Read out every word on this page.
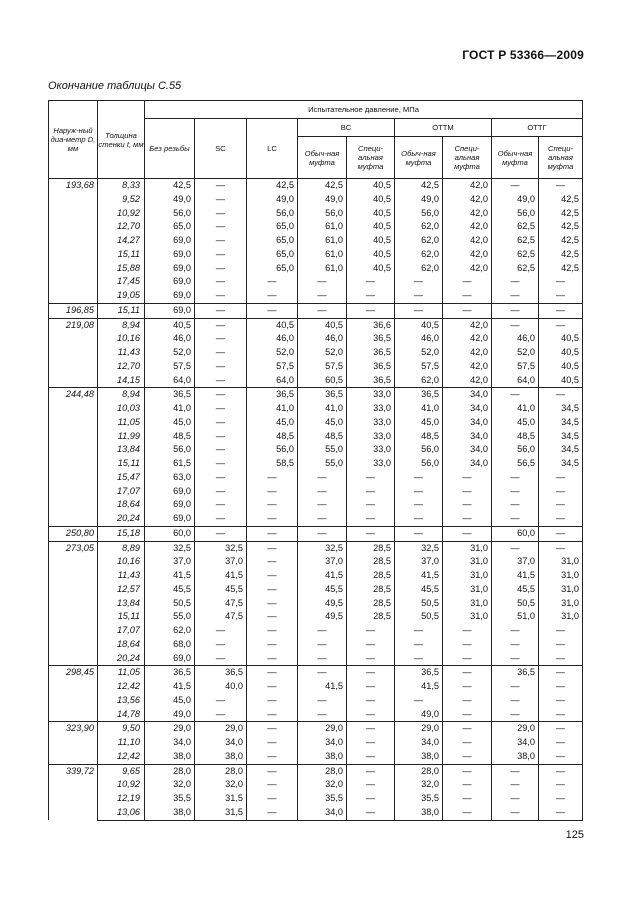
ГОСТ Р 53366—2009
Окончание таблицы С.55
Наруж-ный диа-метр D, мм	Толщина стенки t, мм	Испытательное давление, МПа								
		Без резьбы	SC	LC	BC		ОТТМ		ОТТГ	
					Обыч-ная муфта	Специ-альная муфта	Обыч-ная муфта	Специ-альная муфта	Обыч-ная муфта	Специ-альная муфта
193,68	8,33	42,5	—	42,5	42,5	40,5	42,5	42,0	—	—
	9,52	49,0	—	49,0	49,0	40,5	49,0	42,0	49,0	42,5
	10,92	56,0	—	56,0	56,0	40,5	56,0	42,0	56,0	42,5
	12,70	65,0	—	65,0	61,0	40,5	62,0	42,0	62,5	42,5
	14,27	69,0	—	65,0	61,0	40,5	62,0	42,0	62,5	42,5
	15,11	69,0	—	65,0	61,0	40,5	62,0	42,0	62,5	42,5
	15,88	69,0	—	65,0	61,0	40,5	62,0	42,0	62,5	42,5
	17,45	69,0	—	—	—	—	—	—	—	—
	19,05	69,0	—	—	—	—	—	—	—	—
196,85	15,11	69,0	—	—	—	—	—	—	—	—
219,08	8,94	40,5	—	40,5	40,5	36,6	40,5	42,0	—	—
	10,16	46,0	—	46,0	46,0	36,5	46,0	42,0	46,0	40,5
	11,43	52,0	—	52,0	52,0	36,5	52,0	42,0	52,0	40,5
	12,70	57,5	—	57,5	57,5	36,5	57,5	42,0	57,5	40,5
	14,15	64,0	—	64,0	60,5	36,5	62,0	42,0	64,0	40,5
244,48	8,94	36,5	—	36,5	36,5	33,0	36,5	34,0	—	—
	10,03	41,0	—	41,0	41,0	33,0	41,0	34,0	41,0	34,5
	11,05	45,0	—	45,0	45,0	33,0	45,0	34,0	45,0	34,5
	11,99	48,5	—	48,5	48,5	33,0	48,5	34,0	48,5	34,5
	13,84	56,0	—	56,0	55,0	33,0	56,0	34,0	56,0	34,5
	15,11	61,5	—	58,5	55,0	33,0	56,0	34,0	56,5	34,5
	15,47	63,0	—	—	—	—	—	—	—	—
	17,07	69,0	—	—	—	—	—	—	—	—
	18,64	69,0	—	—	—	—	—	—	—	—
	20,24	69,0	—	—	—	—	—	—	—	—
250,80	15,18	60,0	—	—	—	—	—	—	60,0	—
273,05	8,89	32,5	32,5	—	32,5	28,5	32,5	31,0	—	—
	10,16	37,0	37,0	—	37,0	28,5	37,0	31,0	37,0	31,0
	11,43	41,5	41,5	—	41,5	28,5	41,5	31,0	41,5	31,0
	12,57	45,5	45,5	—	45,5	28,5	45,5	31,0	45,5	31,0
	13,84	50,5	47,5	—	49,5	28,5	50,5	31,0	50,5	31,0
	15,11	55,0	47,5	—	49,5	28,5	50,5	31,0	51,0	31,0
	17,07	62,0	—	—	—	—	—	—	—	—
	18,64	68,0	—	—	—	—	—	—	—	—
	20,24	69,0	—	—	—	—	—	—	—	—
298,45	11,05	36,5	36,5	—	—	—	36,5	—	36,5	—
	12,42	41,5	40,0	—	41,5	—	41,5	—	—	—
	13,56	45,0	—	—	—	—	—	—	—	—
	14,78	49,0	—	—	—	—	49,0	—	—	—
323,90	9,50	29,0	29,0	—	29,0	—	29,0	—	29,0	—
	11,10	34,0	34,0	—	34,0	—	34,0	—	34,0	—
	12,42	38,0	38,0	—	38,0	—	38,0	—	38,0	—
339,72	9,65	28,0	28,0	—	28,0	—	28,0	—	—	—
	10,92	32,0	32,0	—	32,0	—	32,0	—	—	—
	12,19	35,5	31,5	—	35,5	—	35,5	—	—	—
	13,06	38,0	31,5	—	34,0	—	38,0	—	—	—
125
